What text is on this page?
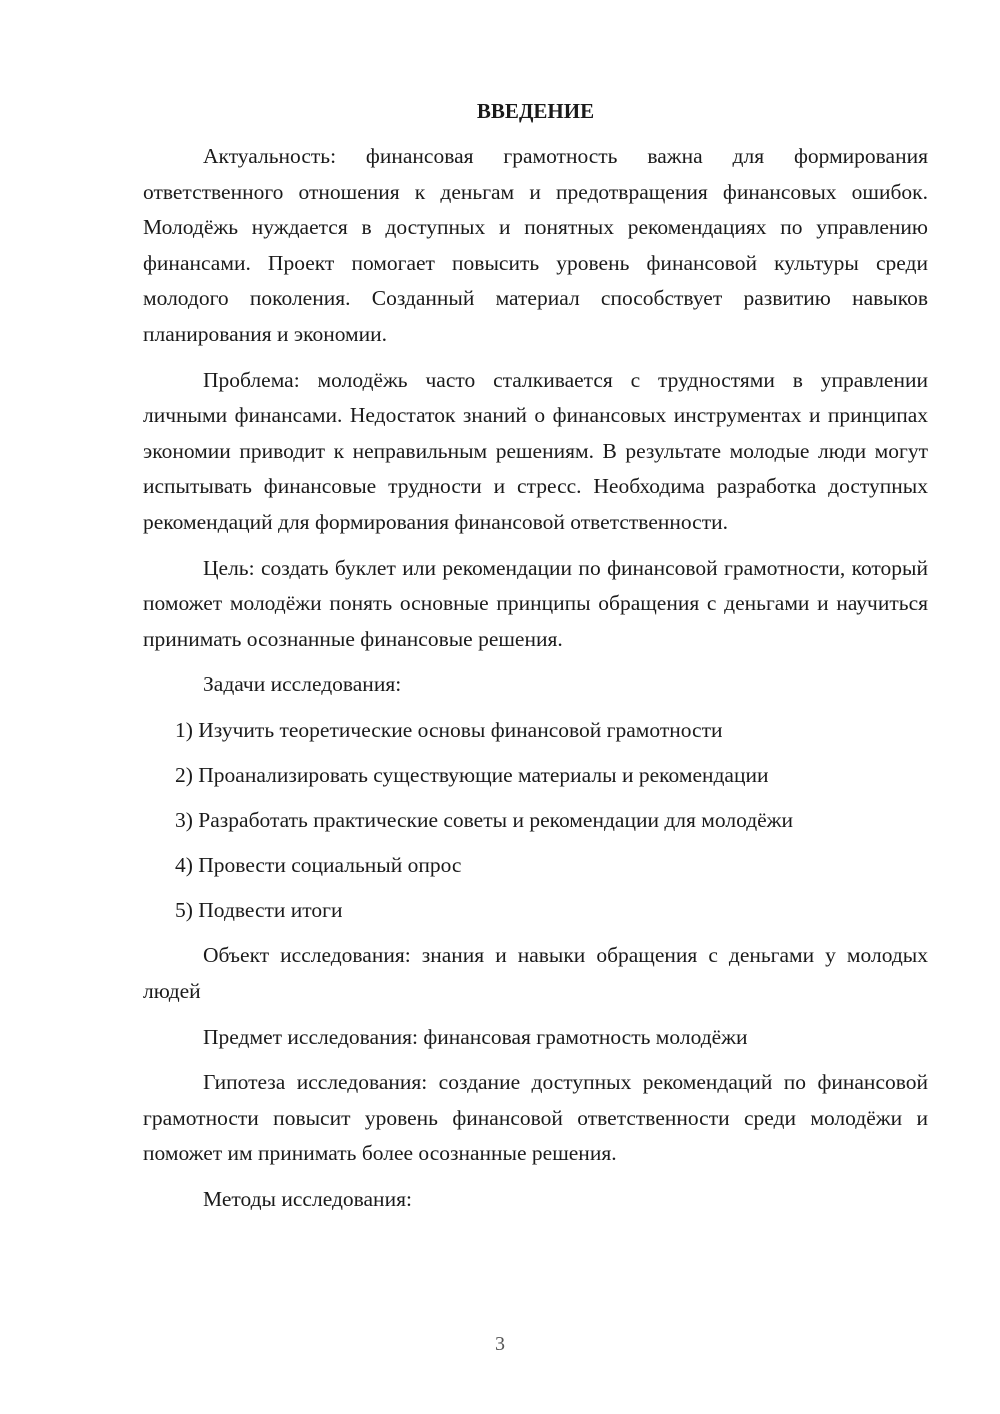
ВВЕДЕНИЕ

Актуальность: финансовая грамотность важна для формирования ответственного отношения к деньгам и предотвращения финансовых ошибок. Молодёжь нуждается в доступных и понятных рекомендациях по управлению финансами. Проект помогает повысить уровень финансовой культуры среди молодого поколения. Созданный материал способствует развитию навыков планирования и экономии.

Проблема: молодёжь часто сталкивается с трудностями в управлении личными финансами. Недостаток знаний о финансовых инструментах и принципах экономии приводит к неправильным решениям. В результате молодые люди могут испытывать финансовые трудности и стресс. Необходима разработка доступных рекомендаций для формирования финансовой ответственности.

Цель: создать буклет или рекомендации по финансовой грамотности, который поможет молодёжи понять основные принципы обращения с деньгами и научиться принимать осознанные финансовые решения.

Задачи исследования:

1) Изучить теоретические основы финансовой грамотности
2) Проанализировать существующие материалы и рекомендации
3) Разработать практические советы и рекомендации для молодёжи
4) Провести социальный опрос
5) Подвести итоги

Объект исследования: знания и навыки обращения с деньгами у молодых людей

Предмет исследования: финансовая грамотность молодёжи

Гипотеза исследования: создание доступных рекомендаций по финансовой грамотности повысит уровень финансовой ответственности среди молодёжи и поможет им принимать более осознанные решения.

Методы исследования:

3
